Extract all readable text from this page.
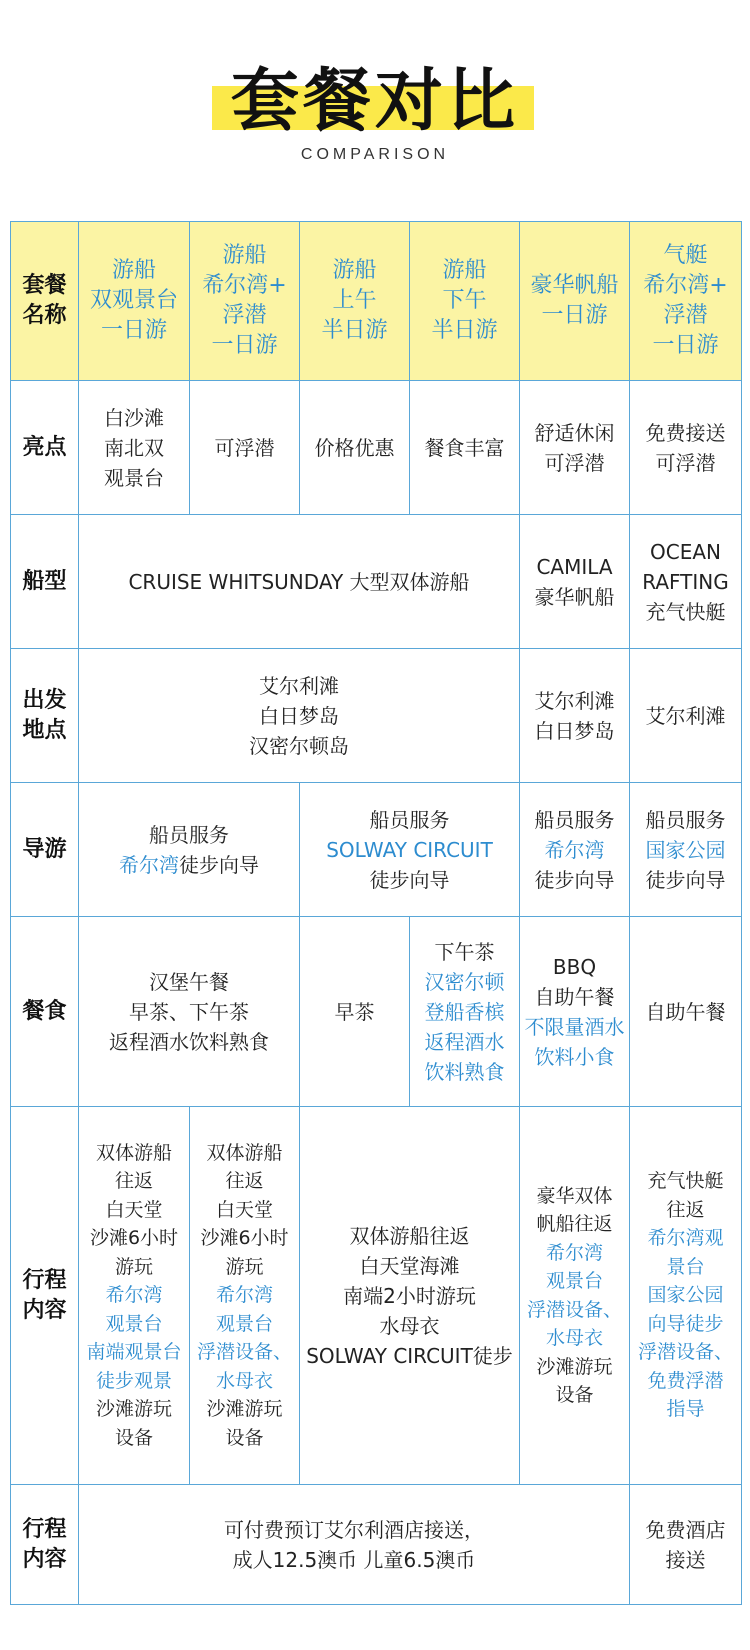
套餐对比
COMPARISON
套餐
名称
游船
双观景台
一日游
游船
希尔湾+
浮潜
一日游
游船
上午
半日游
游船
下午
半日游
豪华帆船
一日游
气艇
希尔湾+
浮潜
一日游
亮点
白沙滩
南北双
观景台
可浮潜 价格优惠 餐食丰富
舒适休闲
可浮潜
免费接送
可浮潜
船型	CRUISE WHITSUNDAY 大型双体游船
CAMILA
豪华帆船
OCEAN
RAFTING
充气快艇
出发
地点
艾尔利滩
白日梦岛
汉密尔顿岛
艾尔利滩
白日梦岛
艾尔利滩
导游
船员服务
希尔湾徒步向导
船员服务
SOLWAY CIRCUIT
徒步向导
船员服务
希尔湾
徒步向导
船员服务
国家公园
徒步向导
餐食
汉堡午餐
早茶、下午茶
返程酒水饮料熟食
早茶
下午茶
汉密尔顿
登船香槟
返程酒水
饮料熟食
BBQ
自助午餐
不限量酒水
饮料小食
自助午餐
行程
内容
双体游船
往返
白天堂
沙滩6小时
游玩
希尔湾
观景台
南端观景台
徒步观景
沙滩游玩
设备
双体游船
往返
白天堂
沙滩6小时
游玩
希尔湾
观景台
浮潜设备、
水母衣
沙滩游玩
设备
双体游船往返
白天堂海滩
南端2小时游玩
水母衣
SOLWAY CIRCUIT徒步
豪华双体
帆船往返
希尔湾
观景台
浮潜设备、
水母衣
沙滩游玩
设备
充气快艇
往返
希尔湾观
景台
国家公园
向导徒步
浮潜设备、
免费浮潜
指导
行程
内容
可付费预订艾尔利酒店接送，
成人12.5澳币 儿童6.5澳币
免费酒店
接送
